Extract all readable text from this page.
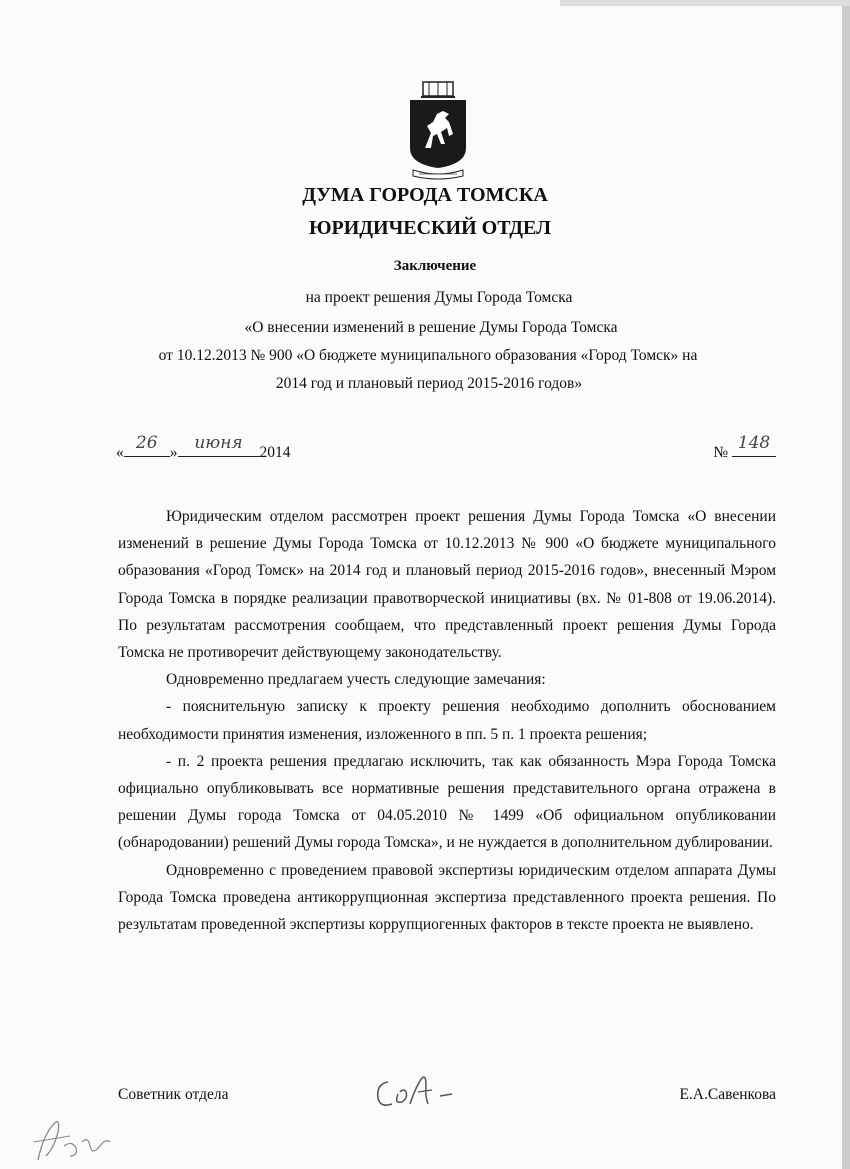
ДУМА ГОРОДА ТОМСКА
ЮРИДИЧЕСКИЙ ОТДЕЛ
Заключение
на проект решения Думы Города Томска
«О внесении изменений в решение Думы Города Томска
от 10.12.2013 № 900 «О бюджете муниципального образования «Город Томск» на
2014 год и плановый период 2015-2016 годов»
« 26 » июня	2014	№ 148

Юридическим отделом рассмотрен проект решения Думы Города Томска «О внесении изменений в решение Думы Города Томска от 10.12.2013 № 900 «О бюджете муниципального образования «Город Томск» на 2014 год и плановый период 2015-2016 годов», внесенный Мэром Города Томска в порядке реализации правотворческой инициативы (вх. № 01-808 от 19.06.2014). По результатам рассмотрения сообщаем, что представленный проект решения Думы Города Томска не противоречит действующему законодательству.

Одновременно предлагаем учесть следующие замечания:

- пояснительную записку к проекту решения необходимо дополнить обоснованием необходимости принятия изменения, изложенного в пп. 5 п. 1 проекта решения;

- п. 2 проекта решения предлагаю исключить, так как обязанность Мэра Города Томска официально опубликовывать все нормативные решения представительного органа отражена в решении Думы города Томска от 04.05.2010 № 1499 «Об официальном опубликовании (обнародовании) решений Думы города Томска», и не нуждается в дополнительном дублировании.

Одновременно с проведением правовой экспертизы юридическим отделом аппарата Думы Города Томска проведена антикоррупционная экспертиза представленного проекта решения. По результатам проведенной экспертизы коррупциогенных факторов в тексте проекта не выявлено.

Советник отдела	Е.А.Савенкова
